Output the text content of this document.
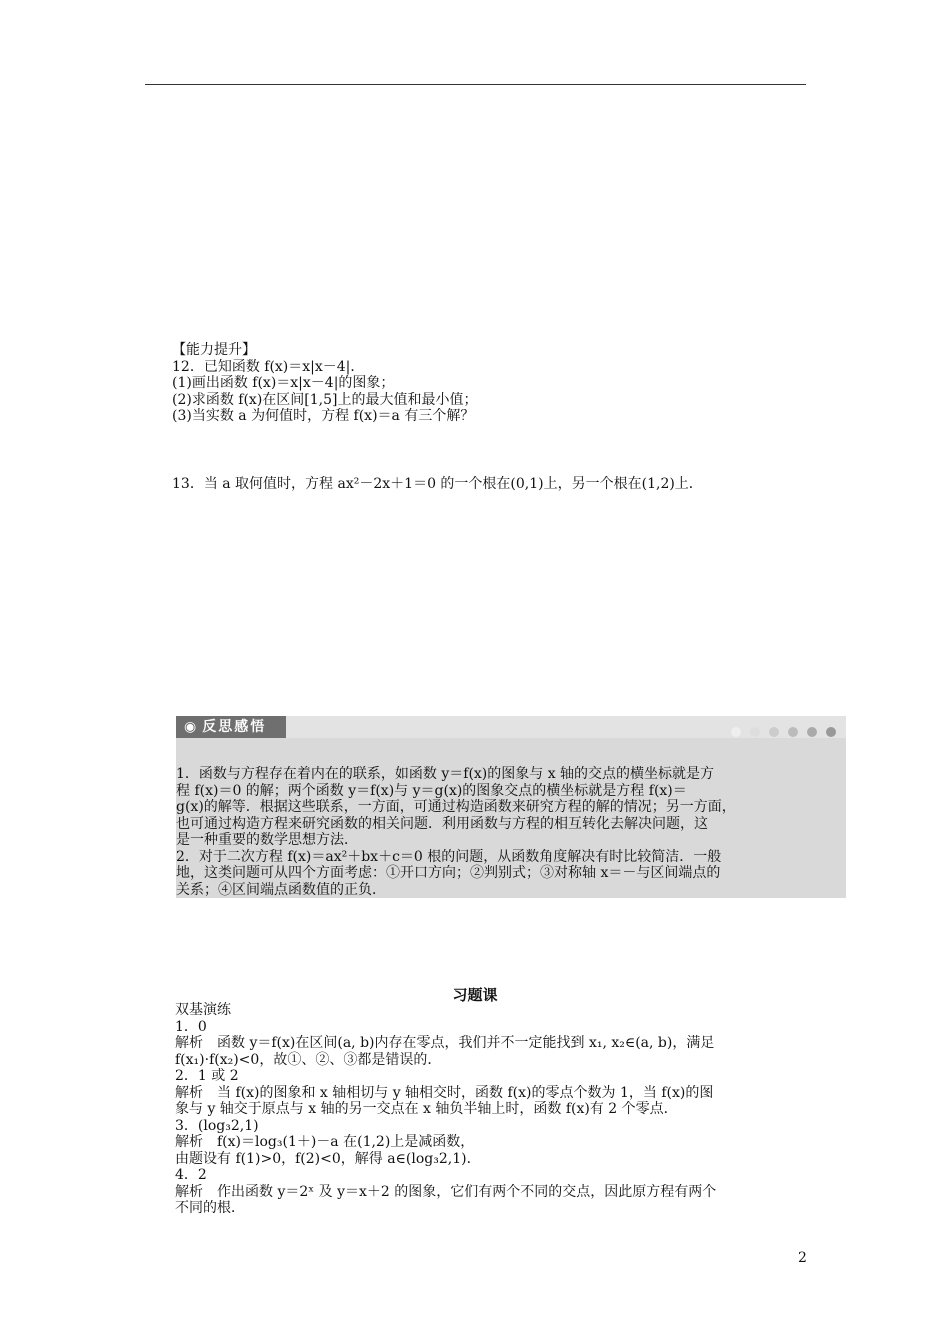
【能力提升】

12．已知函数 f(x)＝x|x－4|．

(1)画出函数 f(x)＝x|x－4|的图象；

(2)求函数 f(x)在区间[1,5]上的最大值和最小值；

(3)当实数 a 为何值时，方程 f(x)＝a 有三个解？

13．当 a 取何值时，方程 ax²－2x＋1＝0 的一个根在(0,1)上，另一个根在(1,2)上．

◉ 反思感悟

1．函数与方程存在着内在的联系，如函数 y＝f(x)的图象与 x 轴的交点的横坐标就是方

程 f(x)＝0 的解；两个函数 y＝f(x)与 y＝g(x)的图象交点的横坐标就是方程 f(x)＝

g(x)的解等．根据这些联系，一方面，可通过构造函数来研究方程的解的情况；另一方面，

也可通过构造方程来研究函数的相关问题．利用函数与方程的相互转化去解决问题，这

是一种重要的数学思想方法．

2．对于二次方程 f(x)＝ax²＋bx＋c＝0 根的问题，从函数角度解决有时比较简洁．一般

地，这类问题可从四个方面考虑：①开口方向；②判别式；③对称轴 x＝－与区间端点的

关系；④区间端点函数值的正负．

习题课

双基演练

1．0

解析　函数 y＝f(x)在区间(a, b)内存在零点，我们并不一定能找到 x₁, x₂∈(a, b)，满足

f(x₁)·f(x₂)<0，故①、②、③都是错误的．

2．1 或 2

解析　当 f(x)的图象和 x 轴相切与 y 轴相交时，函数 f(x)的零点个数为 1，当 f(x)的图

象与 y 轴交于原点与 x 轴的另一交点在 x 轴负半轴上时，函数 f(x)有 2 个零点．

3．(log₃2,1)

解析　f(x)＝log₃(1＋)－a 在(1,2)上是减函数，

由题设有 f(1)>0，f(2)<0，解得 a∈(log₃2,1)．

4．2

解析　作出函数 y＝2ˣ 及 y＝x＋2 的图象，它们有两个不同的交点，因此原方程有两个

不同的根．

2
